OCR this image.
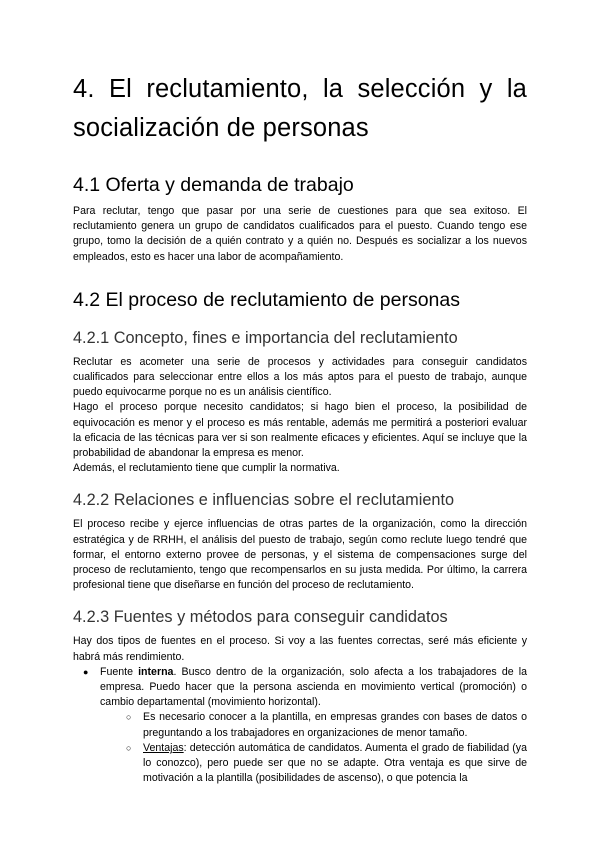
4. El reclutamiento, la selección y la socialización de personas
4.1 Oferta y demanda de trabajo

Para reclutar, tengo que pasar por una serie de cuestiones para que sea exitoso. El reclutamiento genera un grupo de candidatos cualificados para el puesto. Cuando tengo ese grupo, tomo la decisión de a quién contrato y a quién no. Después es socializar a los nuevos empleados, esto es hacer una labor de acompañamiento.

4.2 El proceso de reclutamiento de personas
4.2.1 Concepto, fines e importancia del reclutamiento

Reclutar es acometer una serie de procesos y actividades para conseguir candidatos cualificados para seleccionar entre ellos a los más aptos para el puesto de trabajo, aunque puedo equivocarme porque no es un análisis científico.

Hago el proceso porque necesito candidatos; si hago bien el proceso, la posibilidad de equivocación es menor y el proceso es más rentable, además me permitirá a posteriori evaluar la eficacia de las técnicas para ver si son realmente eficaces y eficientes. Aquí se incluye que la probabilidad de abandonar la empresa es menor.

Además, el reclutamiento tiene que cumplir la normativa.

4.2.2 Relaciones e influencias sobre el reclutamiento

El proceso recibe y ejerce influencias de otras partes de la organización, como la dirección estratégica y de RRHH, el análisis del puesto de trabajo, según como reclute luego tendré que formar, el entorno externo provee de personas, y el sistema de compensaciones surge del proceso de reclutamiento, tengo que recompensarlos en su justa medida. Por último, la carrera profesional tiene que diseñarse en función del proceso de reclutamiento.

4.2.3 Fuentes y métodos para conseguir candidatos

Hay dos tipos de fuentes en el proceso. Si voy a las fuentes correctas, seré más eficiente y habrá más rendimiento.

● Fuente interna. Busco dentro de la organización, solo afecta a los trabajadores de la empresa. Puedo hacer que la persona ascienda en movimiento vertical (promoción) o cambio departamental (movimiento horizontal).
○ Es necesario conocer a la plantilla, en empresas grandes con bases de datos o preguntando a los trabajadores en organizaciones de menor tamaño.
○ Ventajas: detección automática de candidatos. Aumenta el grado de fiabilidad (ya lo conozco), pero puede ser que no se adapte. Otra ventaja es que sirve de motivación a la plantilla (posibilidades de ascenso), o que potencia la
